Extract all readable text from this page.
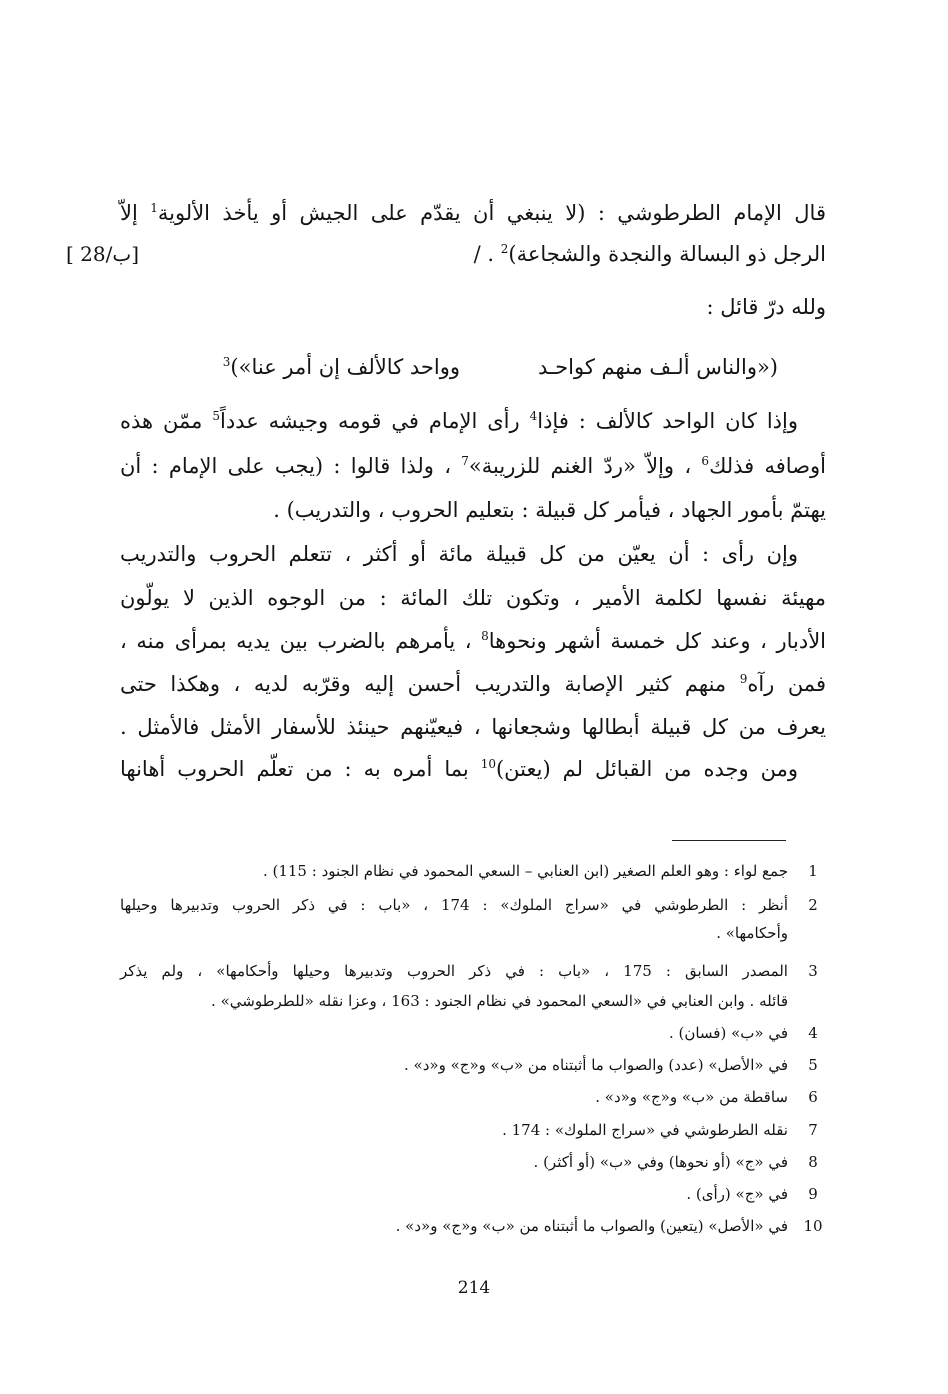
قال الإمام الطرطوشي : (لا ينبغي أن يقدّم على الجيش أو يأخذ الألوية$^1$ إلاّ
الرجل ذو البسالة والنجدة والشجاعة)$^2$ . /
[ 28/ب]
ولله درّ قائل :
(«والناس ألـف منهم كواحـد
وواحد كالألف إن أمر عنا»)$^3$
وإذا كان الواحد كالألف : فإذا$^4$ رأى الإمام في قومه وجيشه عدداً$^5$ ممّن هذه
أوصافه فذلك$^6$ ، وإلاّ «ردّ الغنم للزريبة»$^7$ ، ولذا قالوا : (يجب على الإمام : أن
يهتمّ بأمور الجهاد ، فيأمر كل قبيلة : بتعليم الحروب ، والتدريب) .
وإن رأى : أن يعيّن من كل قبيلة مائة أو أكثر ، تتعلم الحروب والتدريب
مهيئة نفسها لكلمة الأمير ، وتكون تلك المائة : من الوجوه الذين لا يولّون
الأدبار ، وعند كل خمسة أشهر ونحوها$^8$ ، يأمرهم بالضرب بين يديه بمرأى منه ،
فمن رآه$^9$ منهم كثير الإصابة والتدريب أحسن إليه وقرّبه لديه ، وهكذا حتى
يعرف من كل قبيلة أبطالها وشجعانها ، فيعيّنهم حينئذ للأسفار الأمثل فالأمثل .
ومن وجده من القبائل لم (يعتن)$^{10}$ بما أمره به : من تعلّم الحروب أهانها
1
جمع لواء : وهو العلم الصغير (ابن العنابي – السعي المحمود في نظام الجنود : 115) .
2
أنظر : الطرطوشي في «سراج الملوك» : 174 ، «باب : في ذكر الحروب وتدبيرها وحيلها
وأحكامها» .
3
المصدر السابق : 175 ، «باب : في ذكر الحروب وتدبيرها وحيلها وأحكامها» ، ولم يذكر
قائله . وابن العنابي في «السعي المحمود في نظام الجنود : 163 ، وعزا نقله «للطرطوشي» .
4
في «ب» (فسان) .
5
في «الأصل» (عدد) والصواب ما أثبتناه من «ب» و«ج» و«د» .
6
ساقطة من «ب» و«ج» و«د» .
7
نقله الطرطوشي في «سراج الملوك» : 174 .
8
في «ج» (أو نحوها) وفي «ب» (أو أكثر) .
9
في «ج» (رأى) .
10
في «الأصل» (يتعين) والصواب ما أثبتناه من «ب» و«ج» و«د» .
214
